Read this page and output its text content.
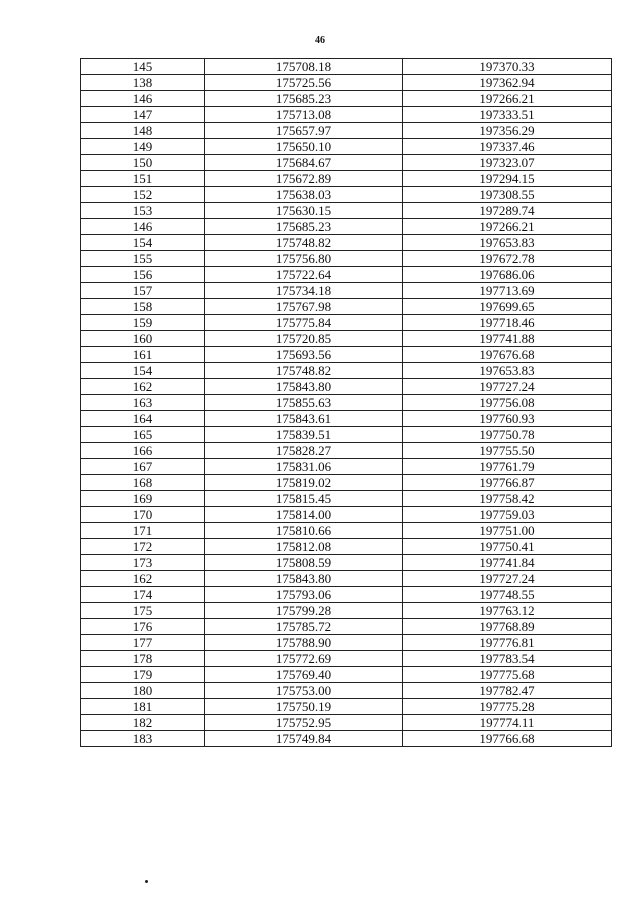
46
145	175708.18	197370.33
138	175725.56	197362.94
146	175685.23	197266.21
147	175713.08	197333.51
148	175657.97	197356.29
149	175650.10	197337.46
150	175684.67	197323.07
151	175672.89	197294.15
152	175638.03	197308.55
153	175630.15	197289.74
146	175685.23	197266.21
154	175748.82	197653.83
155	175756.80	197672.78
156	175722.64	197686.06
157	175734.18	197713.69
158	175767.98	197699.65
159	175775.84	197718.46
160	175720.85	197741.88
161	175693.56	197676.68
154	175748.82	197653.83
162	175843.80	197727.24
163	175855.63	197756.08
164	175843.61	197760.93
165	175839.51	197750.78
166	175828.27	197755.50
167	175831.06	197761.79
168	175819.02	197766.87
169	175815.45	197758.42
170	175814.00	197759.03
171	175810.66	197751.00
172	175812.08	197750.41
173	175808.59	197741.84
162	175843.80	197727.24
174	175793.06	197748.55
175	175799.28	197763.12
176	175785.72	197768.89
177	175788.90	197776.81
178	175772.69	197783.54
179	175769.40	197775.68
180	175753.00	197782.47
181	175750.19	197775.28
182	175752.95	197774.11
183	175749.84	197766.68
